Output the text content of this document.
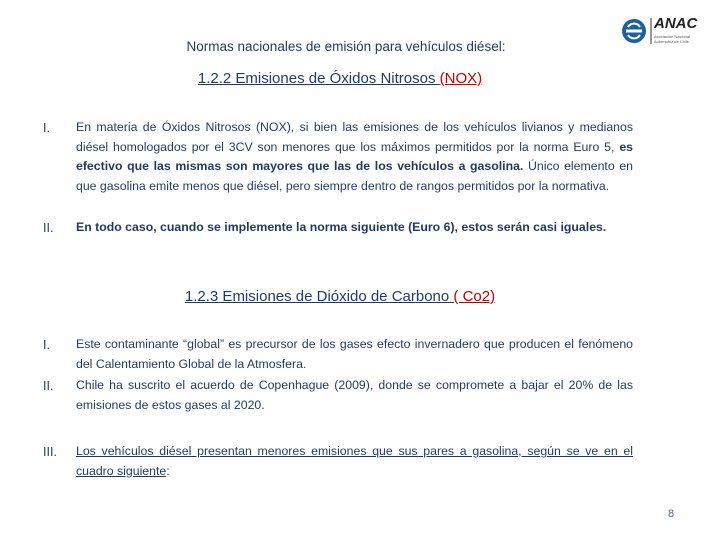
ANAC
Asociación Nacional Automotriz de Chile
Normas nacionales de emisión para vehículos diésel:
1.2.2 Emisiones de Óxidos Nitrosos (NOX)
I. En materia de Óxidos Nitrosos (NOX), si bien las emisiones de los vehículos livianos y medianos diésel homologados por el 3CV son menores que los máximos permitidos por la norma Euro 5, es efectivo que las mismas son mayores que las de los vehículos a gasolina. Único elemento en que gasolina emite menos que diésel, pero siempre dentro de rangos permitidos por la normativa.
II. En todo caso, cuando se implemente la norma siguiente (Euro 6), estos serán casi iguales.
1.2.3 Emisiones de Dióxido de Carbono ( Co2)
I. Este contaminante “global” es precursor de los gases efecto invernadero que producen el fenómeno del Calentamiento Global de la Atmosfera.
II. Chile ha suscrito el acuerdo de Copenhague (2009), donde se compromete a bajar el 20% de las emisiones de estos gases al 2020.
III. Los vehículos diésel presentan menores emisiones que sus pares a gasolina, según se ve en el cuadro siguiente:
8
